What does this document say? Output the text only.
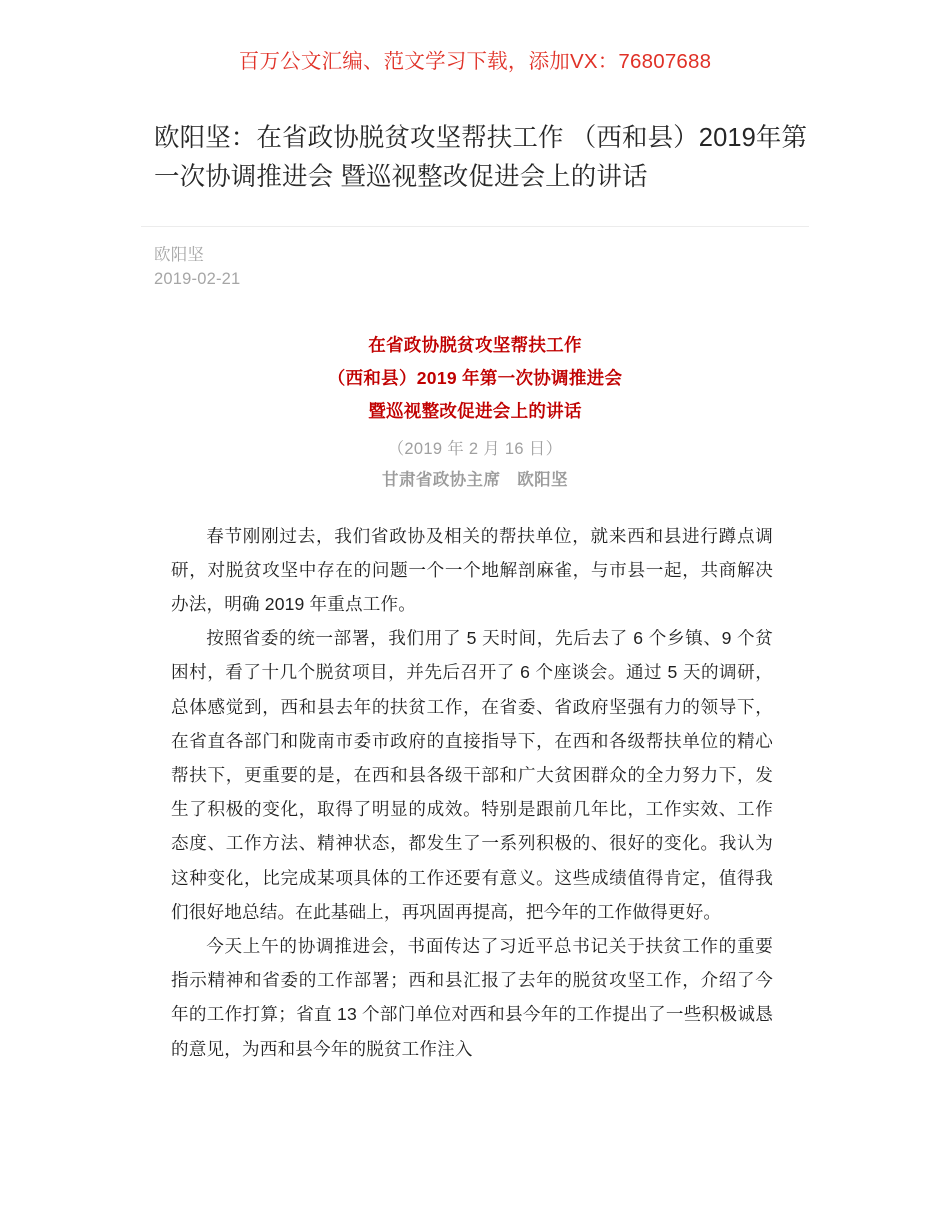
百万公文汇编、范文学习下载，添加VX：76807688
欧阳坚：在省政协脱贫攻坚帮扶工作 （西和县）2019年第一次协调推进会 暨巡视整改促进会上的讲话
欧阳坚
2019-02-21
在省政协脱贫攻坚帮扶工作
（西和县）2019 年第一次协调推进会
暨巡视整改促进会上的讲话
（2019 年 2 月 16 日）
甘肃省政协主席　欧阳坚

春节刚刚过去，我们省政协及相关的帮扶单位，就来西和县进行蹲点调研，对脱贫攻坚中存在的问题一个一个地解剖麻雀，与市县一起，共商解决办法，明确 2019 年重点工作。

按照省委的统一部署，我们用了 5 天时间，先后去了 6 个乡镇、9 个贫困村，看了十几个脱贫项目，并先后召开了 6 个座谈会。通过 5 天的调研，总体感觉到，西和县去年的扶贫工作，在省委、省政府坚强有力的领导下，在省直各部门和陇南市委市政府的直接指导下，在西和各级帮扶单位的精心帮扶下，更重要的是，在西和县各级干部和广大贫困群众的全力努力下，发生了积极的变化，取得了明显的成效。特别是跟前几年比，工作实效、工作态度、工作方法、精神状态，都发生了一系列积极的、很好的变化。我认为这种变化，比完成某项具体的工作还要有意义。这些成绩值得肯定，值得我们很好地总结。在此基础上，再巩固再提高，把今年的工作做得更好。

今天上午的协调推进会，书面传达了习近平总书记关于扶贫工作的重要指示精神和省委的工作部署；西和县汇报了去年的脱贫攻坚工作，介绍了今年的工作打算；省直 13 个部门单位对西和县今年的工作提出了一些积极诚恳的意见，为西和县今年的脱贫工作注入
